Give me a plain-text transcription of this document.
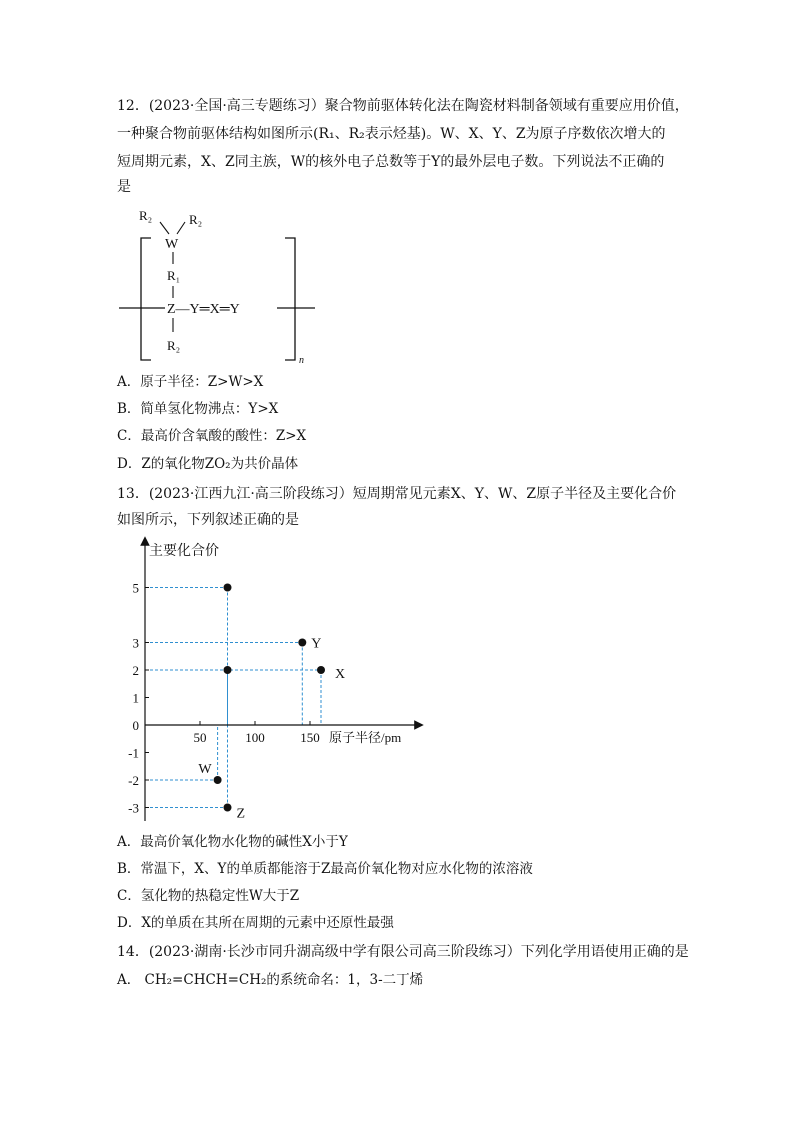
12．(2023·全国·高三专题练习）聚合物前驱体转化法在陶瓷材料制备领域有重要应用价值，
一种聚合物前驱体结构如图所示(R₁、R₂表示烃基)。W、X、Y、Z为原子序数依次增大的
短周期元素，X、Z同主族，W的核外电子总数等于Y的最外层电子数。下列说法不正确的
是
R₂	R₂
W
R₁
Z—Y═X═Y
R₂
n
A．原子半径：Z>W>X
B．简单氢化物沸点：Y>X
C．最高价含氧酸的酸性：Z>X
D．Z的氧化物ZO₂为共价晶体
13．(2023·江西九江·高三阶段练习）短周期常见元素X、Y、W、Z原子半径及主要化合价
如图所示，下列叙述正确的是
主要化合价
原子半径/pm
5
3
2
1
0
-1
-2
-3
50	100	150
Y
X
W
Z
A．最高价氧化物水化物的碱性X小于Y
B．常温下，X、Y的单质都能溶于Z最高价氧化物对应水化物的浓溶液
C．氢化物的热稳定性W大于Z
D．X的单质在其所在周期的元素中还原性最强
14．(2023·湖南·长沙市同升湖高级中学有限公司高三阶段练习）下列化学用语使用正确的是
A． CH₂=CHCH=CH₂的系统命名：1，3-二丁烯
